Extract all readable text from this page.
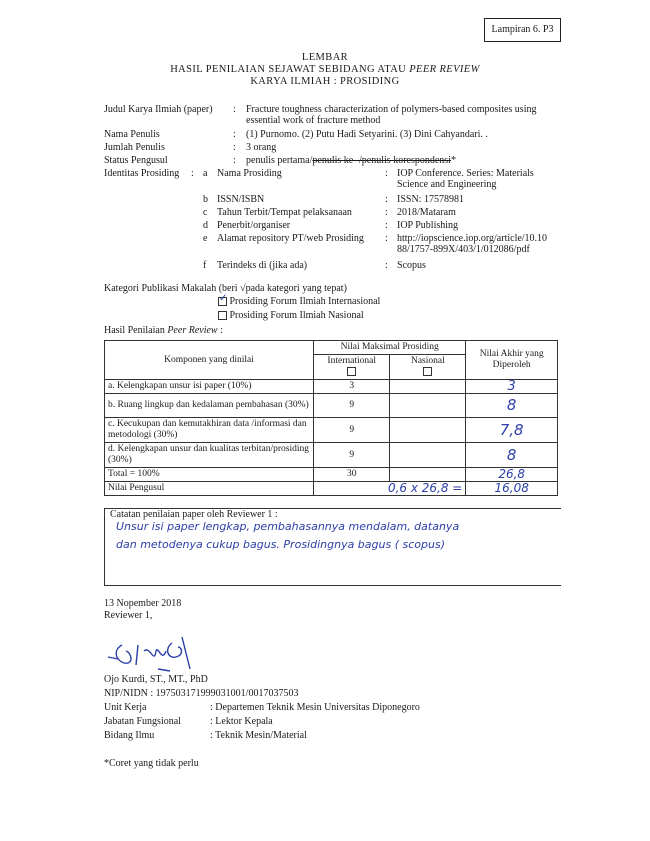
Lampiran 6. P3
LEMBAR
HASIL PENILAIAN SEJAWAT SEBIDANG ATAU PEER REVIEW
KARYA ILMIAH : PROSIDING
Judul Karya Ilmiah (paper) : Fracture toughness characterization of polymers-based composites using
essential work of fracture method
Nama Penulis	: (1) Purnomo. (2) Putu Hadi Setyarini. (3) Dini Cahyandari. .
Jumlah Penulis	: 3 orang
Status Pengusul	: penulis pertama/penulis ke- /penulis korespondensi*
Identitas Prosiding : a Nama Prosiding	: IOP Conference. Series: Materials
Science and Engineering
b ISSN/ISBN	: ISSN: 17578981
c Tahun Terbit/Tempat pelaksanaan	: 2018/Mataram
d Penerbit/organiser	: IOP Publishing
e Alamat repository PT/web Prosiding : http://iopscience.iop.org/article/10.10
88/1757-899X/403/1/012086/pdf
f Terindeks di (jika ada)	: Scopus
Kategori Publikasi Makalah (beri √pada kategori yang tepat)
✓ Prosiding Forum Ilmiah Internasional
Prosiding Forum Ilmiah Nasional
Hasil Penilaian Peer Review :
Komponen yang dinilai	Nilai Maksimal Prosiding		Nilai Akhir yang Diperoleh

	International	Nasional	

a. Kelengkapan unsur isi paper (10%)	3		3
b. Ruang lingkup dan kedalaman pembahasan (30%)	9		8
c. Kecukupan dan kemutakhiran data /informasi dan metodologi (30%)	9		7,8
d. Kelengkapan unsur dan kualitas terbitan/prosiding (30%)	9		8
Total = 100%	30		26,8
Nilai Pengusul	0,6 x 26,8 =		16,08
Catatan penilaian paper oleh Reviewer 1 :
Unsur isi paper lengkap, pembahasannya mendalam, datanya
dan metodenya cukup bagus. Prosidingnya bagus ( scopus)
13 Nopember 2018
Reviewer 1,
Ojo Kurdi, ST., MT., PhD
NIP/NIDN : 197503171999031001/0017037503
Unit Kerja	: Departemen Teknik Mesin Universitas Diponegoro
Jabatan Fungsional	: Lektor Kepala
Bidang Ilmu	: Teknik Mesin/Material
*Coret yang tidak perlu
